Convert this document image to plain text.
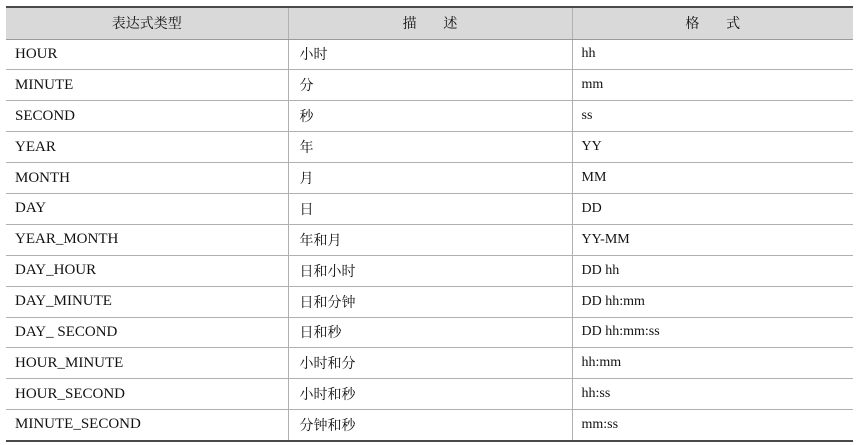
表达式类型	描      述	格      式
HOUR	小时	hh
MINUTE	分	mm
SECOND	秒	ss
YEAR	年	YY
MONTH	月	MM
DAY	日	DD
YEAR_MONTH	年和月	YY-MM
DAY_HOUR	日和小时	DD hh
DAY_MINUTE	日和分钟	DD hh:mm
DAY_ SECOND	日和秒	DD hh:mm:ss
HOUR_MINUTE	小时和分	hh:mm
HOUR_SECOND	小时和秒	hh:ss
MINUTE_SECOND	分钟和秒	mm:ss
